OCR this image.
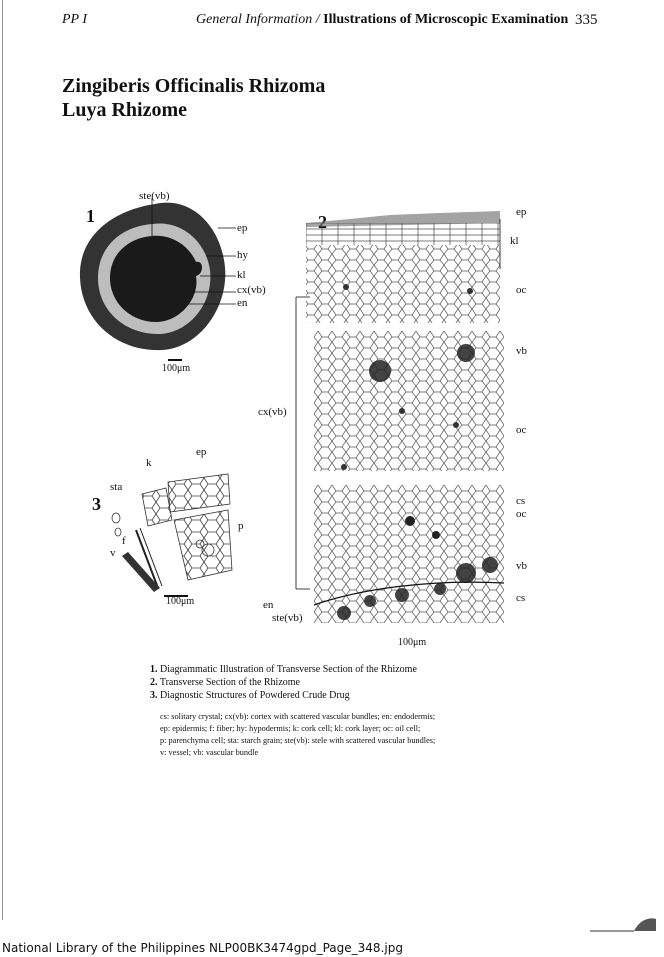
PP I	General Information / Illustrations of Microscopic Examination 335
Zingiberis Officinalis Rhizoma
Luya Rhizome
1
ste(vb)
ep
hy
kl
cx(vb)
en
100μm
ep
kl
oc
vb
oc
cx(vb)
cs
oc
vb
cs
en
ste(vb)
100μm
3
ep
k
sta
f
v
p
100μm
1. Diagrammatic Illustration of Transverse Section of the Rhizome
2. Transverse Section of the Rhizome
3. Diagnostic Structures of Powdered Crude Drug
cs: solitary crystal; cx(vb): cortex with scattered vascular bundles; en: endodermis;
ep: epidermis; f: fiber; hy: hypodermis; k: cork cell; kl: cork layer; oc: oil cell;
p: parenchyma cell; sta: starch grain; ste(vb): stele with scattered vascular bundles;
v: vessel; vb: vascular bundle
National Library of the Philippines NLP00BK3474gpd_Page_348.jpg
